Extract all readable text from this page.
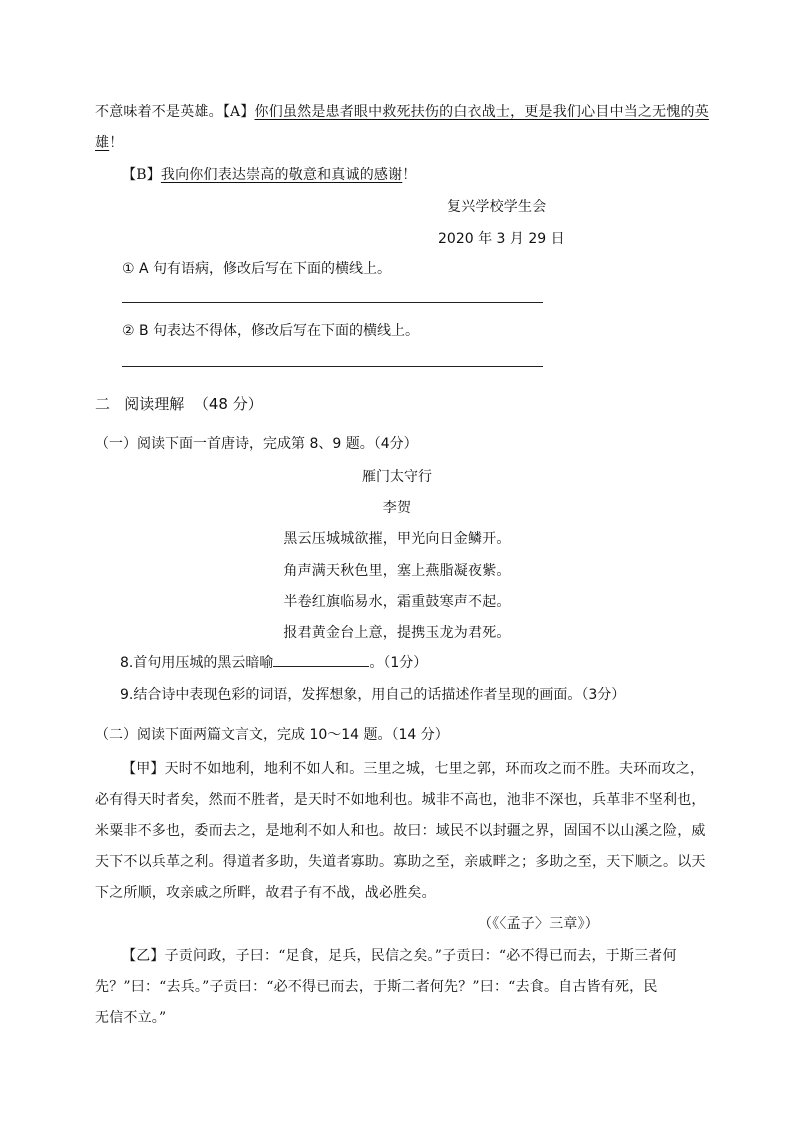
不意味着不是英雄。【A】你们虽然是患者眼中救死扶伤的白衣战士，更是我们心目中当之无愧的英
雄！
【B】我向你们表达崇高的敬意和真诚的感谢！
复兴学校学生会
2020 年 3 月 29 日
① A 句有语病，修改后写在下面的横线上。
② B 句表达不得体，修改后写在下面的横线上。
二   阅读理解  （48 分）
（一）阅读下面一首唐诗，完成第 8、9 题。（4分）
雁门太守行
李贺
黑云压城城欲摧，甲光向日金鳞开。
角声满天秋色里，塞上燕脂凝夜紫。
半卷红旗临易水，霜重鼓寒声不起。
报君黄金台上意，提携玉龙为君死。
8.首句用压城的黑云暗喻	。（1分）
9.结合诗中表现色彩的词语，发挥想象，用自己的话描述作者呈现的画面。（3分）
（二）阅读下面两篇文言文，完成 10～14 题。（14 分）
【甲】天时不如地利，地利不如人和。三里之城，七里之郭，环而攻之而不胜。夫环而攻之，
必有得天时者矣，然而不胜者，是天时不如地利也。城非不高也，池非不深也，兵革非不坚利也，
米粟非不多也，委而去之，是地利不如人和也。故曰：域民不以封疆之界，固国不以山溪之险，威
天下不以兵革之利。得道者多助，失道者寡助。寡助之至，亲戚畔之；多助之至，天下顺之。以天
下之所顺，攻亲戚之所畔，故君子有不战，战必胜矣。
（《〈孟子〉三章》）
【乙】子贡问政，子曰：“足食，足兵，民信之矣。”子贡曰：“必不得已而去，于斯三者何
先？”曰：“去兵。”子贡曰：“必不得已而去，于斯二者何先？”曰：“去食。自古皆有死，民
无信不立。”
